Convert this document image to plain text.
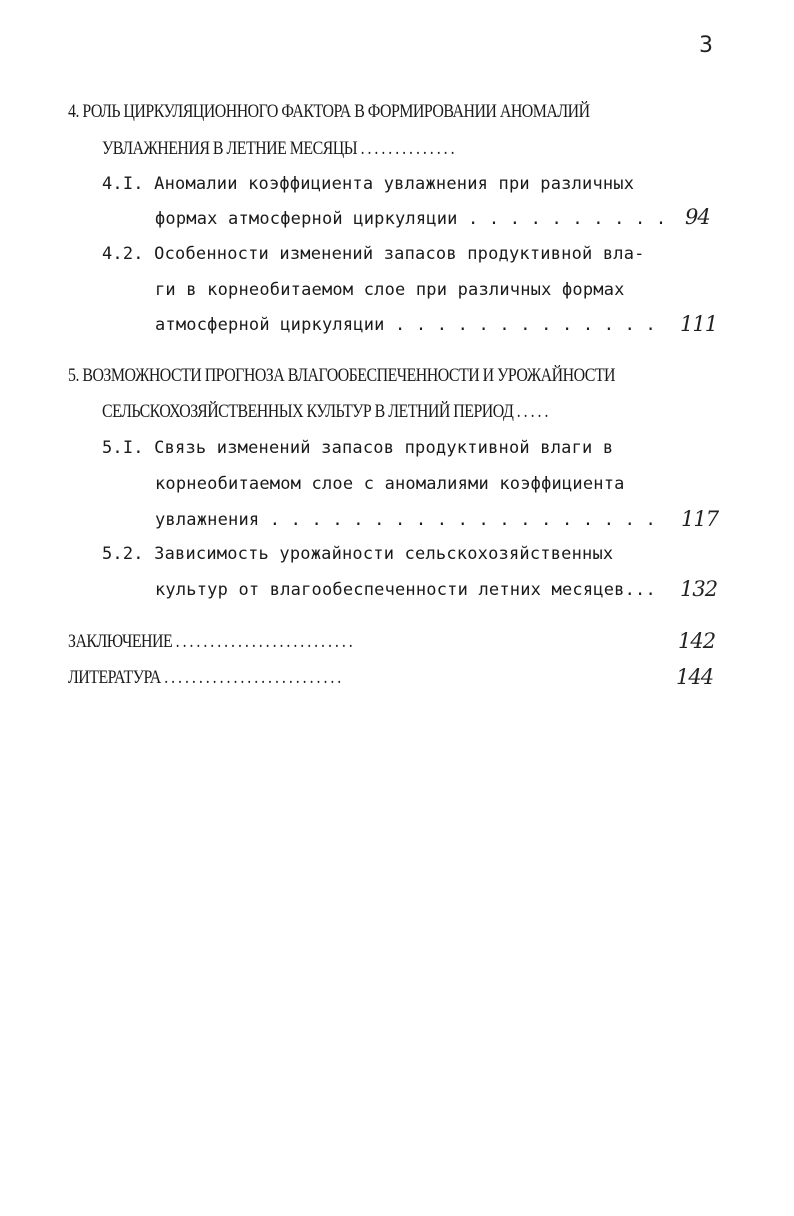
3
4. РОЛЬ ЦИРКУЛЯЦИОННОГО ФАКТОРА В ФОРМИРОВАНИИ АНОМАЛИЙ
УВЛАЖНЕНИЯ В ЛЕТНИЕ МЕСЯЦЫ . . . . . . . . . . . . . .
4.I. Аномалии коэффициента увлажнения при различных
формах атмосферной циркуляции . . . . . . . . . . 94
4.2. Особенности изменений запасов продуктивной вла-
ги в корнеобитаемом слое при различных формах
атмосферной циркуляции . . . . . . . . . . . . . 111
5. ВОЗМОЖНОСТИ ПРОГНОЗА ВЛАГООБЕСПЕЧЕННОСТИ И УРОЖАЙНОСТИ
СЕЛЬСКОХОЗЯЙСТВЕННЫХ КУЛЬТУР В ЛЕТНИЙ ПЕРИОД . . . . .
5.I. Связь изменений запасов продуктивной влаги в
корнеобитаемом слое с аномалиями коэффициента
увлажнения . . . . . . . . . . . . . . . . . . . 117
5.2. Зависимость урожайности сельскохозяйственных
культур от влагообеспеченности летних месяцев... 132
ЗАКЛЮЧЕНИЕ . . . . . . . . . . . . . . . . . . . . . . . . . .	142
ЛИТЕРАТУРА . . . . . . . . . . . . . . . . . . . . . . . . . .	144
